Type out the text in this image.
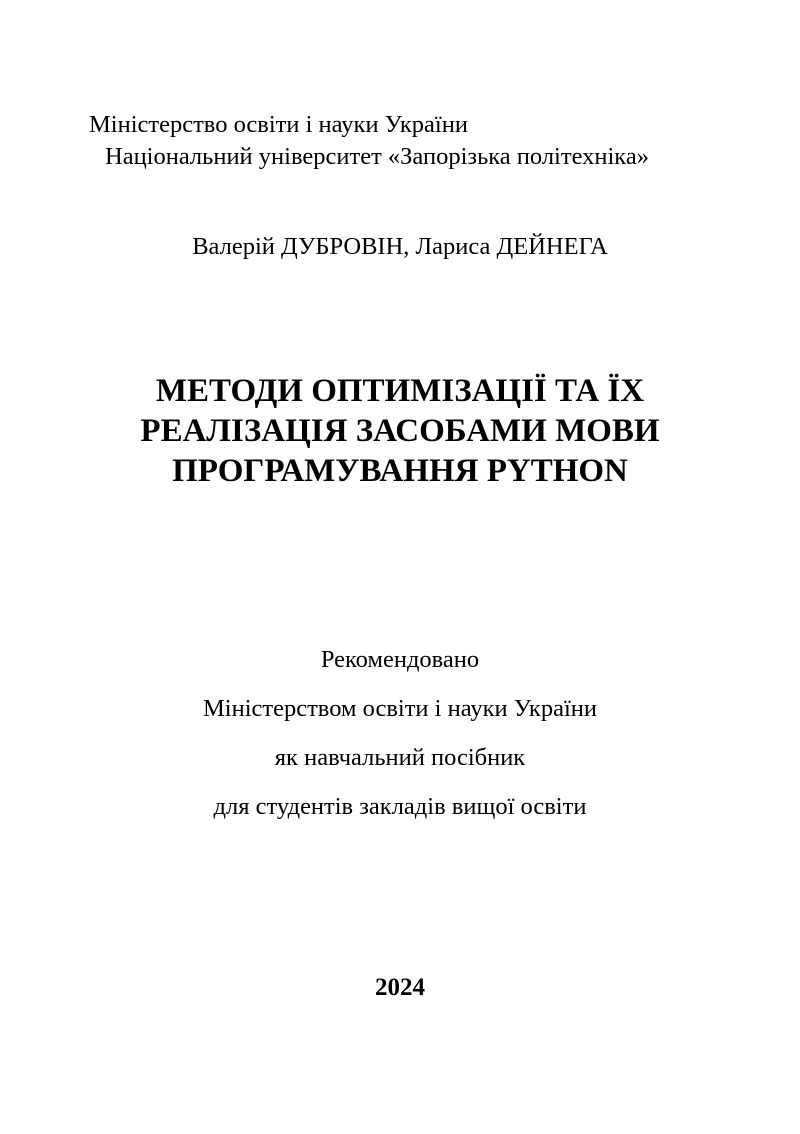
Міністерство освіти і науки України
Національний університет «Запорізька політехніка»
Валерій ДУБРОВІН, Лариса ДЕЙНЕГА
МЕТОДИ ОПТИМІЗАЦІЇ ТА ЇХ
РЕАЛІЗАЦІЯ ЗАСОБАМИ МОВИ
ПРОГРАМУВАННЯ PYTHON
Рекомендовано
Міністерством освіти і науки України
як навчальний посібник
для студентів закладів вищої освіти
2024
